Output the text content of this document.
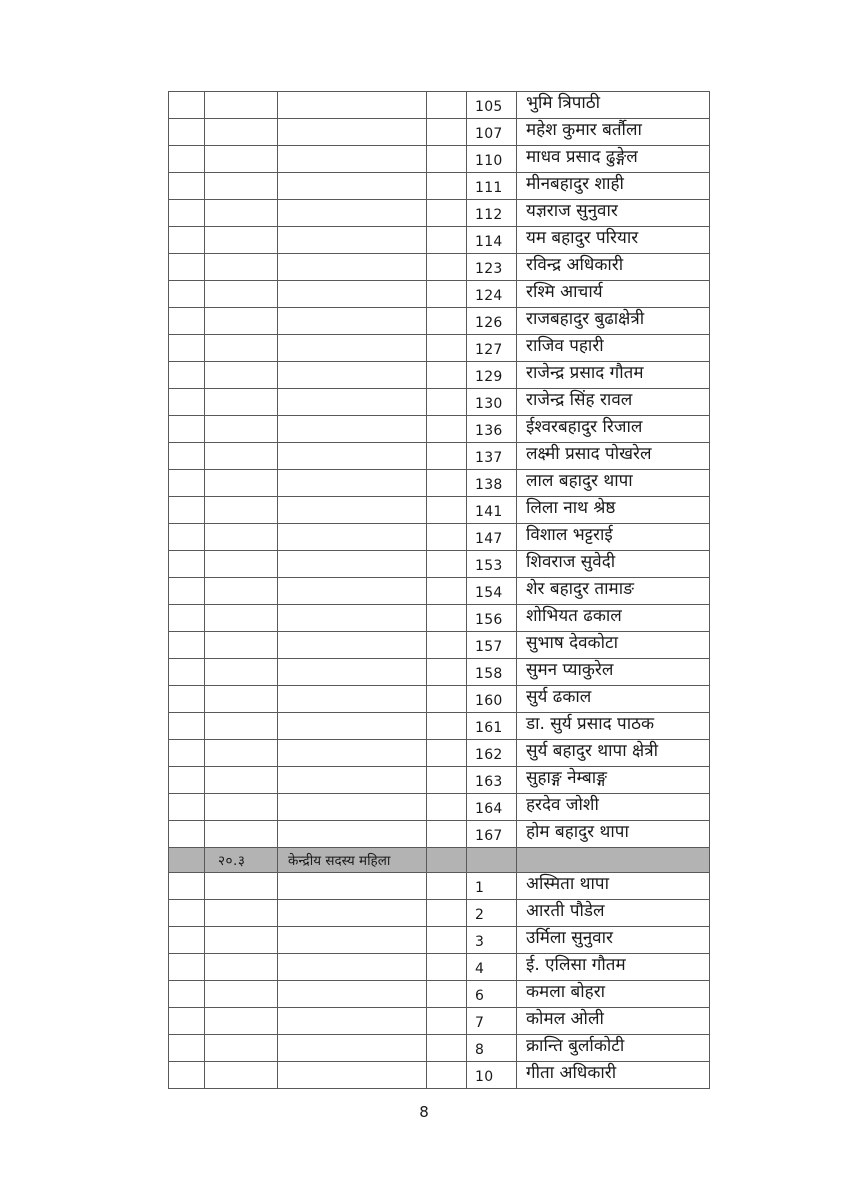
105	भुमि त्रिपाठी
107	महेश कुमार बर्तौला
110	माधव प्रसाद ढुङ्गेल
111	मीनबहादुर शाही
112	यज्ञराज सुनुवार
114	यम बहादुर परियार
123	रविन्द्र अधिकारी
124	रश्मि आचार्य
126	राजबहादुर बुढाक्षेत्री
127	राजिव पहारी
129	राजेन्द्र प्रसाद गौतम
130	राजेन्द्र सिंह रावल
136	ईश्वरबहादुर रिजाल
137	लक्ष्मी प्रसाद पोखरेल
138	लाल बहादुर थापा
141	लिला नाथ श्रेष्ठ
147	विशाल भट्टराई
153	शिवराज सुवेदी
154	शेर बहादुर तामाङ
156	शोभियत ढकाल
157	सुभाष देवकोटा
158	सुमन प्याकुरेल
160	सुर्य ढकाल
161	डा. सुर्य प्रसाद पाठक
162	सुर्य बहादुर थापा क्षेत्री
163	सुहाङ्ग नेम्बाङ्ग
164	हरदेव जोशी
167	होम बहादुर थापा
२०.३	केन्द्रीय सदस्य महिला
1	अस्मिता थापा
2	आरती पौडेल
3	उर्मिला सुनुवार
4	ई. एलिसा गौतम
6	कमला बोहरा
7	कोमल ओली
8	क्रान्ति बुर्लाकोटी
10	गीता अधिकारी
8
